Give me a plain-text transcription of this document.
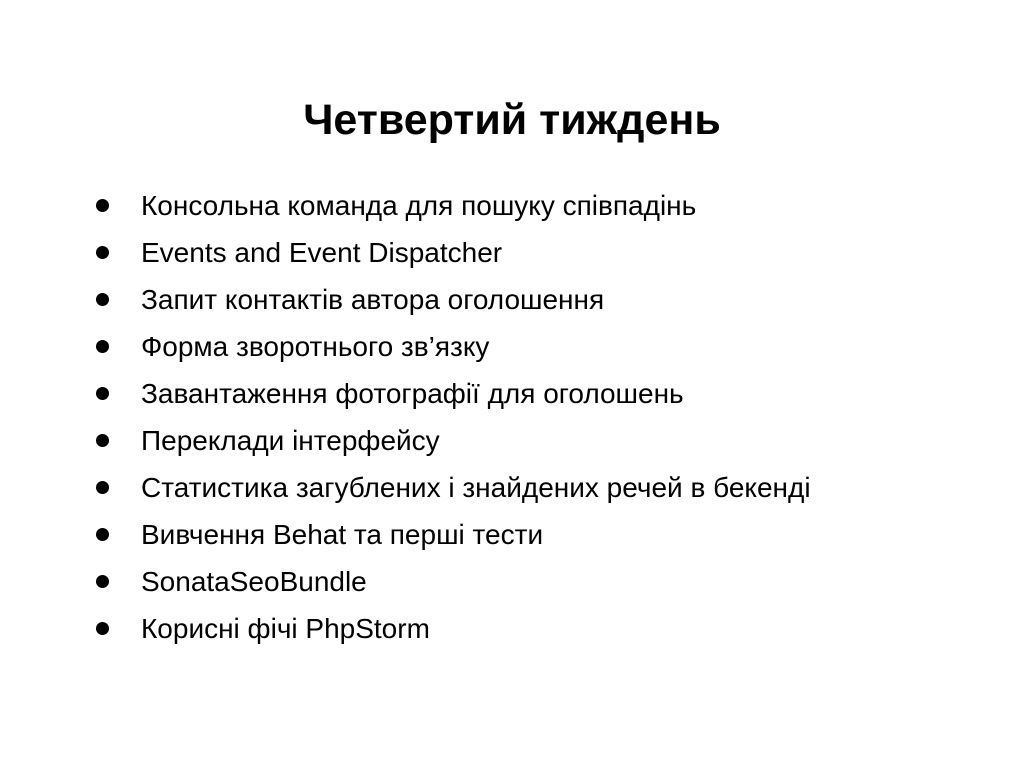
Четвертий тиждень
Консольна команда для пошуку співпадінь
Events and Event Dispatcher
Запит контактів автора оголошення
Форма зворотнього зв’язку
Завантаження фотографії для оголошень
Переклади інтерфейсу
Статистика загублених і знайдених речей в бекенді
Вивчення Behat та перші тести
SonataSeoBundle
Корисні фічі PhpStorm
